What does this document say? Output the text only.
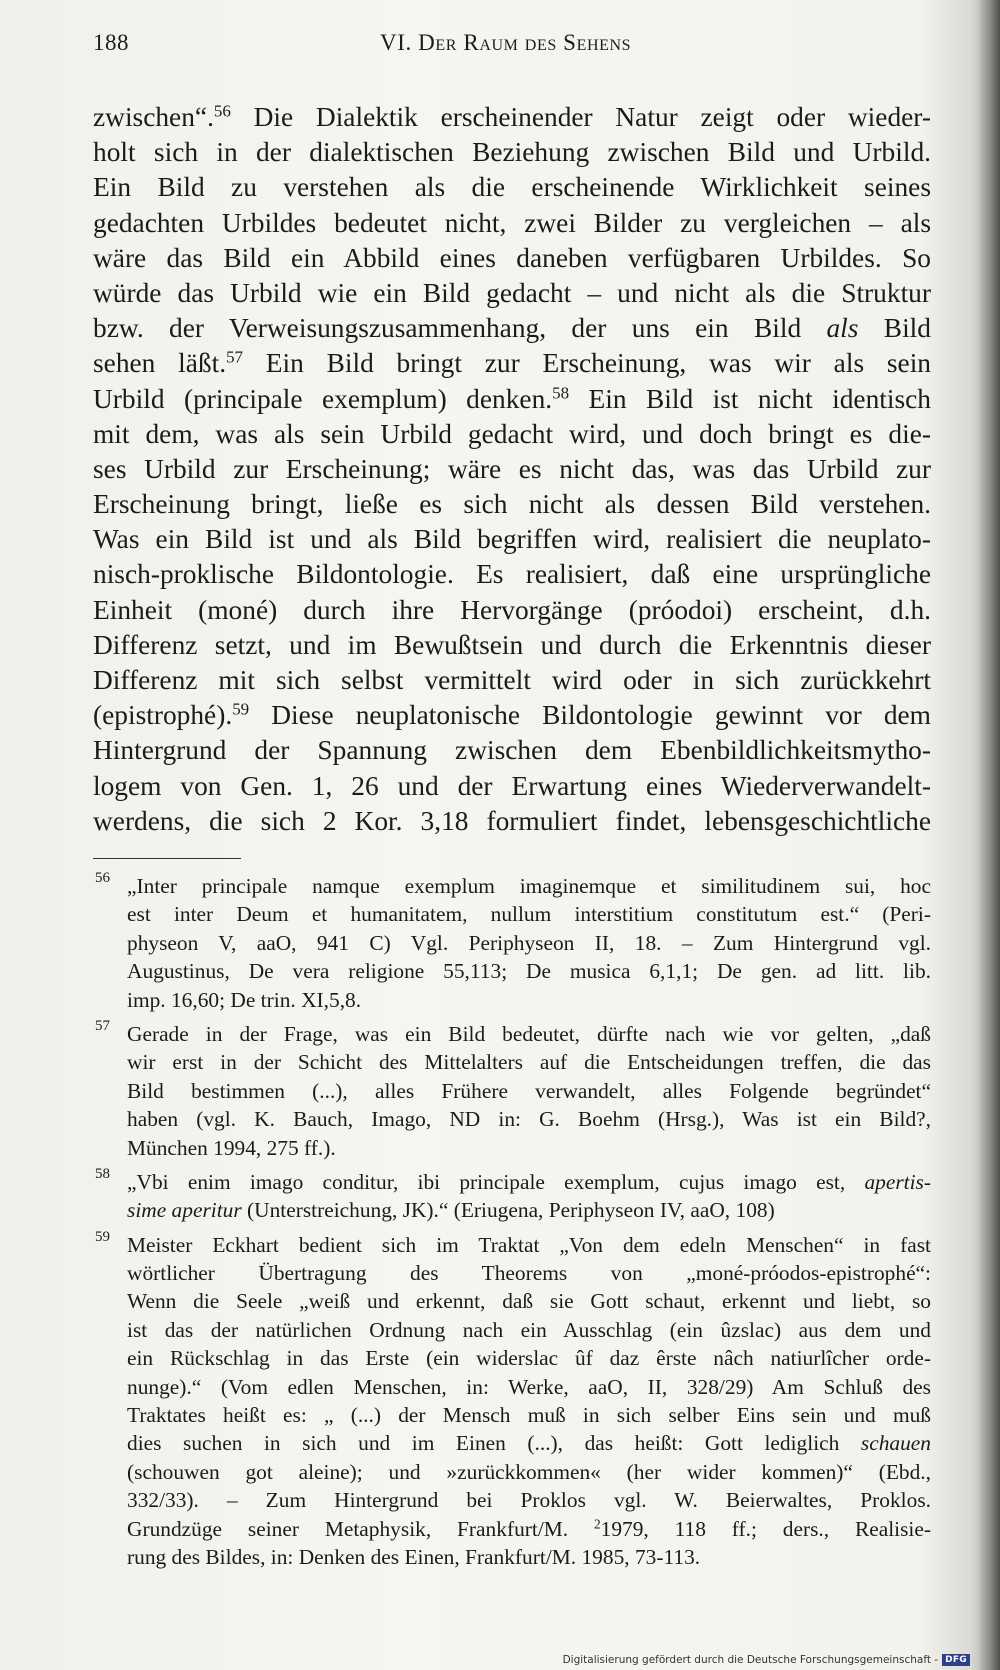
188	VI. Der Raum des Sehens
zwischen“.$^{56}$ Die Dialektik erscheinender Natur zeigt oder wieder-
holt sich in der dialektischen Beziehung zwischen Bild und Urbild.
Ein Bild zu verstehen als die erscheinende Wirklichkeit seines
gedachten Urbildes bedeutet nicht, zwei Bilder zu vergleichen – als
wäre das Bild ein Abbild eines daneben verfügbaren Urbildes. So
würde das Urbild wie ein Bild gedacht – und nicht als die Struktur
bzw. der Verweisungszusammenhang, der uns ein Bild als Bild
sehen läßt.$^{57}$ Ein Bild bringt zur Erscheinung, was wir als sein
Urbild (principale exemplum) denken.$^{58}$ Ein Bild ist nicht identisch
mit dem, was als sein Urbild gedacht wird, und doch bringt es die-
ses Urbild zur Erscheinung; wäre es nicht das, was das Urbild zur
Erscheinung bringt, ließe es sich nicht als dessen Bild verstehen.
Was ein Bild ist und als Bild begriffen wird, realisiert die neuplato-
nisch-proklische Bildontologie. Es realisiert, daß eine ursprüngliche
Einheit (moné) durch ihre Hervorgänge (próodoi) erscheint, d.h.
Differenz setzt, und im Bewußtsein und durch die Erkenntnis dieser
Differenz mit sich selbst vermittelt wird oder in sich zurückkehrt
(epistrophé).$^{59}$ Diese neuplatonische Bildontologie gewinnt vor dem
Hintergrund der Spannung zwischen dem Ebenbildlichkeitsmytho-
logem von Gen. 1, 26 und der Erwartung eines Wiederverwandelt-
werdens, die sich 2 Kor. 3,18 formuliert findet, lebensgeschichtliche
56 „Inter principale namque exemplum imaginemque et similitudinem sui, hoc
est inter Deum et humanitatem, nullum interstitium constitutum est.“ (Peri-
physeon V, aaO, 941 C) Vgl. Periphyseon II, 18. – Zum Hintergrund vgl.
Augustinus, De vera religione 55,113; De musica 6,1,1; De gen. ad litt. lib.
imp. 16,60; De trin. XI,5,8.
57 Gerade in der Frage, was ein Bild bedeutet, dürfte nach wie vor gelten, „daß
wir erst in der Schicht des Mittelalters auf die Entscheidungen treffen, die das
Bild bestimmen (...), alles Frühere verwandelt, alles Folgende begründet“
haben (vgl. K. Bauch, Imago, ND in: G. Boehm (Hrsg.), Was ist ein Bild?,
München 1994, 275 ff.).
58 „Vbi enim imago conditur, ibi principale exemplum, cujus imago est, apertis-
sime aperitur (Unterstreichung, JK).“ (Eriugena, Periphyseon IV, aaO, 108)
59 Meister Eckhart bedient sich im Traktat „Von dem edeln Menschen“ in fast
wörtlicher Übertragung des Theorems von „moné-próodos-epistrophé“:
Wenn die Seele „weiß und erkennt, daß sie Gott schaut, erkennt und liebt, so
ist das der natürlichen Ordnung nach ein Ausschlag (ein ûzslac) aus dem und
ein Rückschlag in das Erste (ein widerslac ûf daz êrste nâch natiurlîcher orde-
nunge).“ (Vom edlen Menschen, in: Werke, aaO, II, 328/29) Am Schluß des
Traktates heißt es: „ (...) der Mensch muß in sich selber Eins sein und muß
dies suchen in sich und im Einen (...), das heißt: Gott lediglich schauen
(schouwen got aleine); und »zurückkommen« (her wider kommen)“ (Ebd.,
332/33). – Zum Hintergrund bei Proklos vgl. W. Beierwaltes, Proklos.
Grundzüge seiner Metaphysik, Frankfurt/M. $^2$1979, 118 ff.; ders., Realisie-
rung des Bildes, in: Denken des Einen, Frankfurt/M. 1985, 73-113.
Digitalisierung gefördert durch die Deutsche Forschungsgemeinschaft - DFG
